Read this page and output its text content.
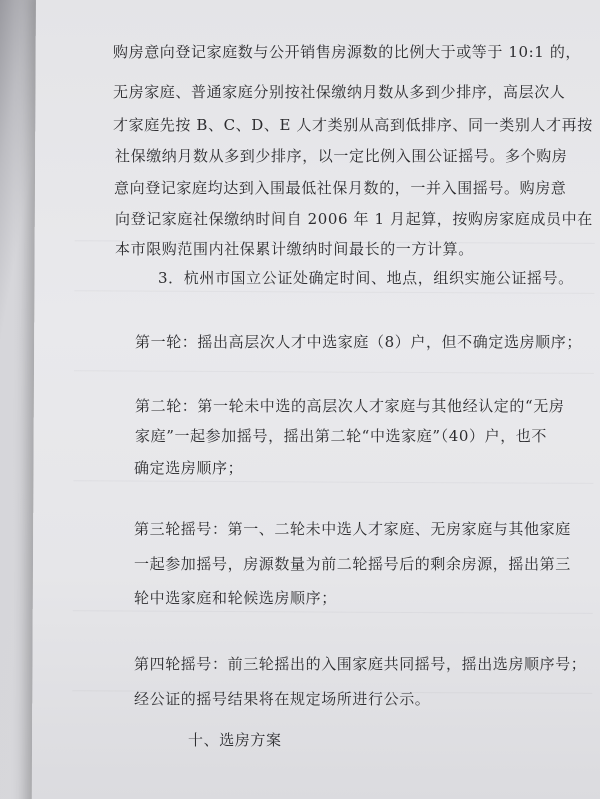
购房意向登记家庭数与公开销售房源数的比例大于或等于 10:1 的，
无房家庭、普通家庭分别按社保缴纳月数从多到少排序，高层次人
才家庭先按 B、C、D、E 人才类别从高到低排序、同一类别人才再按
社保缴纳月数从多到少排序，以一定比例入围公证摇号。多个购房
意向登记家庭均达到入围最低社保月数的，一并入围摇号。购房意
向登记家庭社保缴纳时间自 2006 年 1 月起算，按购房家庭成员中在
本市限购范围内社保累计缴纳时间最长的一方计算。
3．杭州市国立公证处确定时间、地点，组织实施公证摇号。
第一轮：摇出高层次人才中选家庭（8）户，但不确定选房顺序；
第二轮：第一轮未中选的高层次人才家庭与其他经认定的“无房
家庭”一起参加摇号，摇出第二轮“中选家庭”（40）户，也不
确定选房顺序；
第三轮摇号：第一、二轮未中选人才家庭、无房家庭与其他家庭
一起参加摇号，房源数量为前二轮摇号后的剩余房源，摇出第三
轮中选家庭和轮候选房顺序；
第四轮摇号：前三轮摇出的入围家庭共同摇号，摇出选房顺序号；
经公证的摇号结果将在规定场所进行公示。
十、选房方案
